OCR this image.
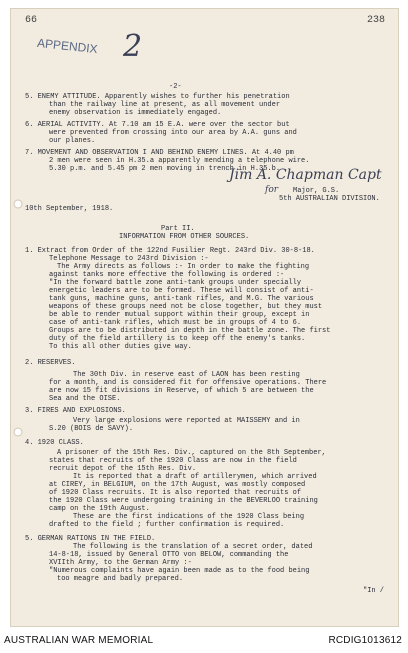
66	238
APPENDIX 2
-2-
5. ENEMY ATTITUDE. Apparently wishes to further his penetration
than the railway line at present, as all movement under
enemy observation is immediately engaged.
6. AERIAL ACTIVITY. At 7.10 am 15 E.A. were over the sector but
were prevented from crossing into our area by A.A. guns and
our planes.
7. MOVEMENT AND OBSERVATION I AND BEHIND ENEMY LINES. At 4.40 pm
2 men were seen in H.35.a apparently mending a telephone wire.
5.30 p.m. and 5.45 pm 2 men moving in trench in H.35.b.
Jim A. Chapman Capt
for Major, G.S.
5th AUSTRALIAN DIVISION.
10th September, 1918.
Part II.
INFORMATION FROM OTHER SOURCES.
1. Extract from Order of the 122nd Fusilier Regt. 243rd Div. 30-8-18.
Telephone Message to 243rd Division :-
The Army directs as follows :- In order to make the fighting
against tanks more effective the following is ordered :-
"In the forward battle zone anti-tank groups under specially
energetic leaders are to be formed. These will consist of anti-
tank guns, machine guns, anti-tank rifles, and M.G. The various
weapons of these groups need not be close together, but they must
be able to render mutual support within their group, except in
case of anti-tank rifles, which must be in groups of 4 to 6.
Groups are to be distributed in depth in the battle zone. The first
duty of the field artillery is to keep off the enemy's tanks.
To this all other duties give way.
2. RESERVES.
The 30th Div. in reserve east of LAON has been resting
for a month, and is considered fit for offensive operations. There
are now 15 fit divisions in Reserve, of which 5 are between the
Sea and the OISE.
3. FIRES AND EXPLOSIONS.
Very large explosions were reported at MAISSEMY and in
S.20 (BOIS de SAVY).
4. 1920 CLASS.
A prisoner of the 15th Res. Div., captured on the 8th September,
states that recruits of the 1920 Class are now in the field
recruit depot of the 15th Res. Div.
It is reported that a draft of artillerymen, which arrived
at CIREY, in BELGIUM, on the 17th August, was mostly composed
of 1920 Class recruits. It is also reported that recruits of
the 1920 Class were undergoing training in the BEVERLOO training
camp on the 19th August.
These are the first indications of the 1920 Class being
drafted to the field ; further confirmation is required.
5. GERMAN RATIONS IN THE FIELD.
The following is the translation of a secret order, dated
14-8-18, issued by General OTTO von BELOW, commanding the
XVIIth Army, to the German Army :-
"Numerous complaints have again been made as to the food being
too meagre and badly prepared.
"In /
AUSTRALIAN WAR MEMORIAL	RCDIG1013612
